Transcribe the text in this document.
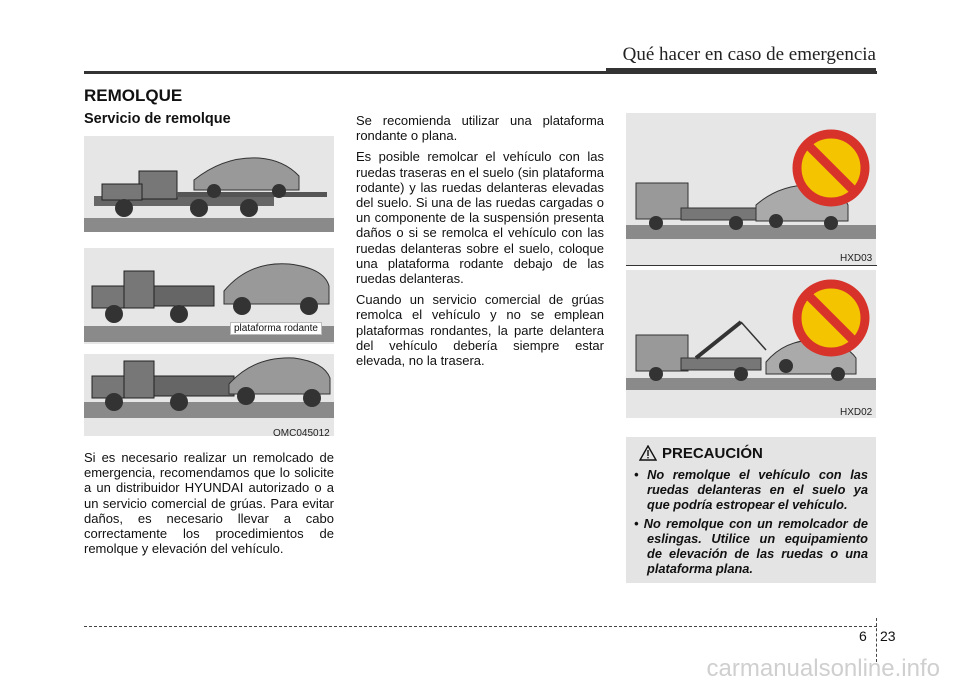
Qué hacer en caso de emergencia
REMOLQUE
Servicio de remolque
plataforma rodante
OMC045012
Si es necesario realizar un remolcado de emergencia, recomendamos que lo solicite a un distribuidor HYUNDAI autorizado o a un servicio comercial de grúas. Para evitar daños, es necesario llevar a cabo correctamente los procedimientos de remolque y elevación del vehículo.

Se recomienda utilizar una plataforma rondante o plana.

Es posible remolcar el vehículo con las ruedas traseras en el suelo (sin plataforma rodante) y las ruedas delanteras elevadas del suelo. Si una de las ruedas cargadas o un componente de la suspensión presenta daños o si se remolca el vehículo con las ruedas delanteras sobre el suelo, coloque una plataforma rodante debajo de las ruedas delanteras.

Cuando un servicio comercial de grúas remolca el vehículo y no se emplean plataformas rondantes, la parte delantera del vehículo debería siempre estar elevada, no la trasera.

HXD03
HXD02
PRECAUCIÓN
• No remolque el vehículo con las ruedas delanteras en el suelo ya que podría estropear el vehículo.
• No remolque con un remolcador de eslingas. Utilice un equipamiento de elevación de las ruedas o una plataforma plana.
6 23
carmanualsonline.info
